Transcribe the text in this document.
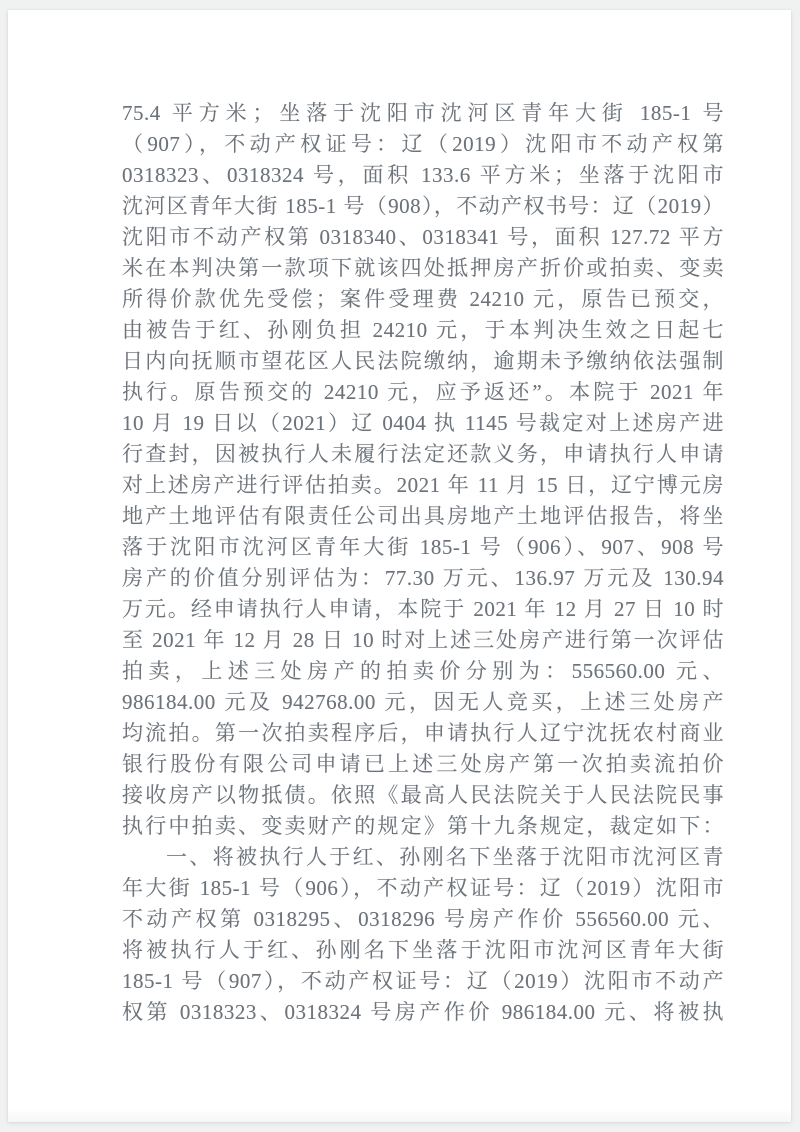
75.4 平方米；坐落于沈阳市沈河区青年大街 185-1 号
（907），不动产权证号：辽（2019）沈阳市不动产权第
0318323、0318324 号，面积 133.6 平方米；坐落于沈阳市
沈河区青年大街 185-1 号（908），不动产权书号：辽（2019）
沈阳市不动产权第 0318340、0318341 号，面积 127.72 平方
米在本判决第一款项下就该四处抵押房产折价或拍卖、变卖
所得价款优先受偿；案件受理费 24210 元，原告已预交，
由被告于红、孙刚负担 24210 元，于本判决生效之日起七
日内向抚顺市望花区人民法院缴纳，逾期未予缴纳依法强制
执行。原告预交的 24210 元，应予返还”。本院于 2021 年
10 月 19 日以（2021）辽 0404 执 1145 号裁定对上述房产进
行查封，因被执行人未履行法定还款义务，申请执行人申请
对上述房产进行评估拍卖。2021 年 11 月 15 日，辽宁博元房
地产土地评估有限责任公司出具房地产土地评估报告，将坐
落于沈阳市沈河区青年大街 185-1 号（906）、907、908 号
房产的价值分别评估为：77.30 万元、136.97 万元及 130.94
万元。经申请执行人申请，本院于 2021 年 12 月 27 日 10 时
至 2021 年 12 月 28 日 10 时对上述三处房产进行第一次评估
拍卖，上述三处房产的拍卖价分别为：556560.00 元、
986184.00 元及 942768.00 元，因无人竞买，上述三处房产
均流拍。第一次拍卖程序后，申请执行人辽宁沈抚农村商业
银行股份有限公司申请已上述三处房产第一次拍卖流拍价
接收房产以物抵债。依照《最高人民法院关于人民法院民事
执行中拍卖、变卖财产的规定》第十九条规定，裁定如下：
一、将被执行人于红、孙刚名下坐落于沈阳市沈河区青
年大街 185-1 号（906），不动产权证号：辽（2019）沈阳市
不动产权第 0318295、0318296 号房产作价 556560.00 元、
将被执行人于红、孙刚名下坐落于沈阳市沈河区青年大街
185-1 号（907），不动产权证号：辽（2019）沈阳市不动产
权第 0318323、0318324 号房产作价 986184.00 元、将被执
